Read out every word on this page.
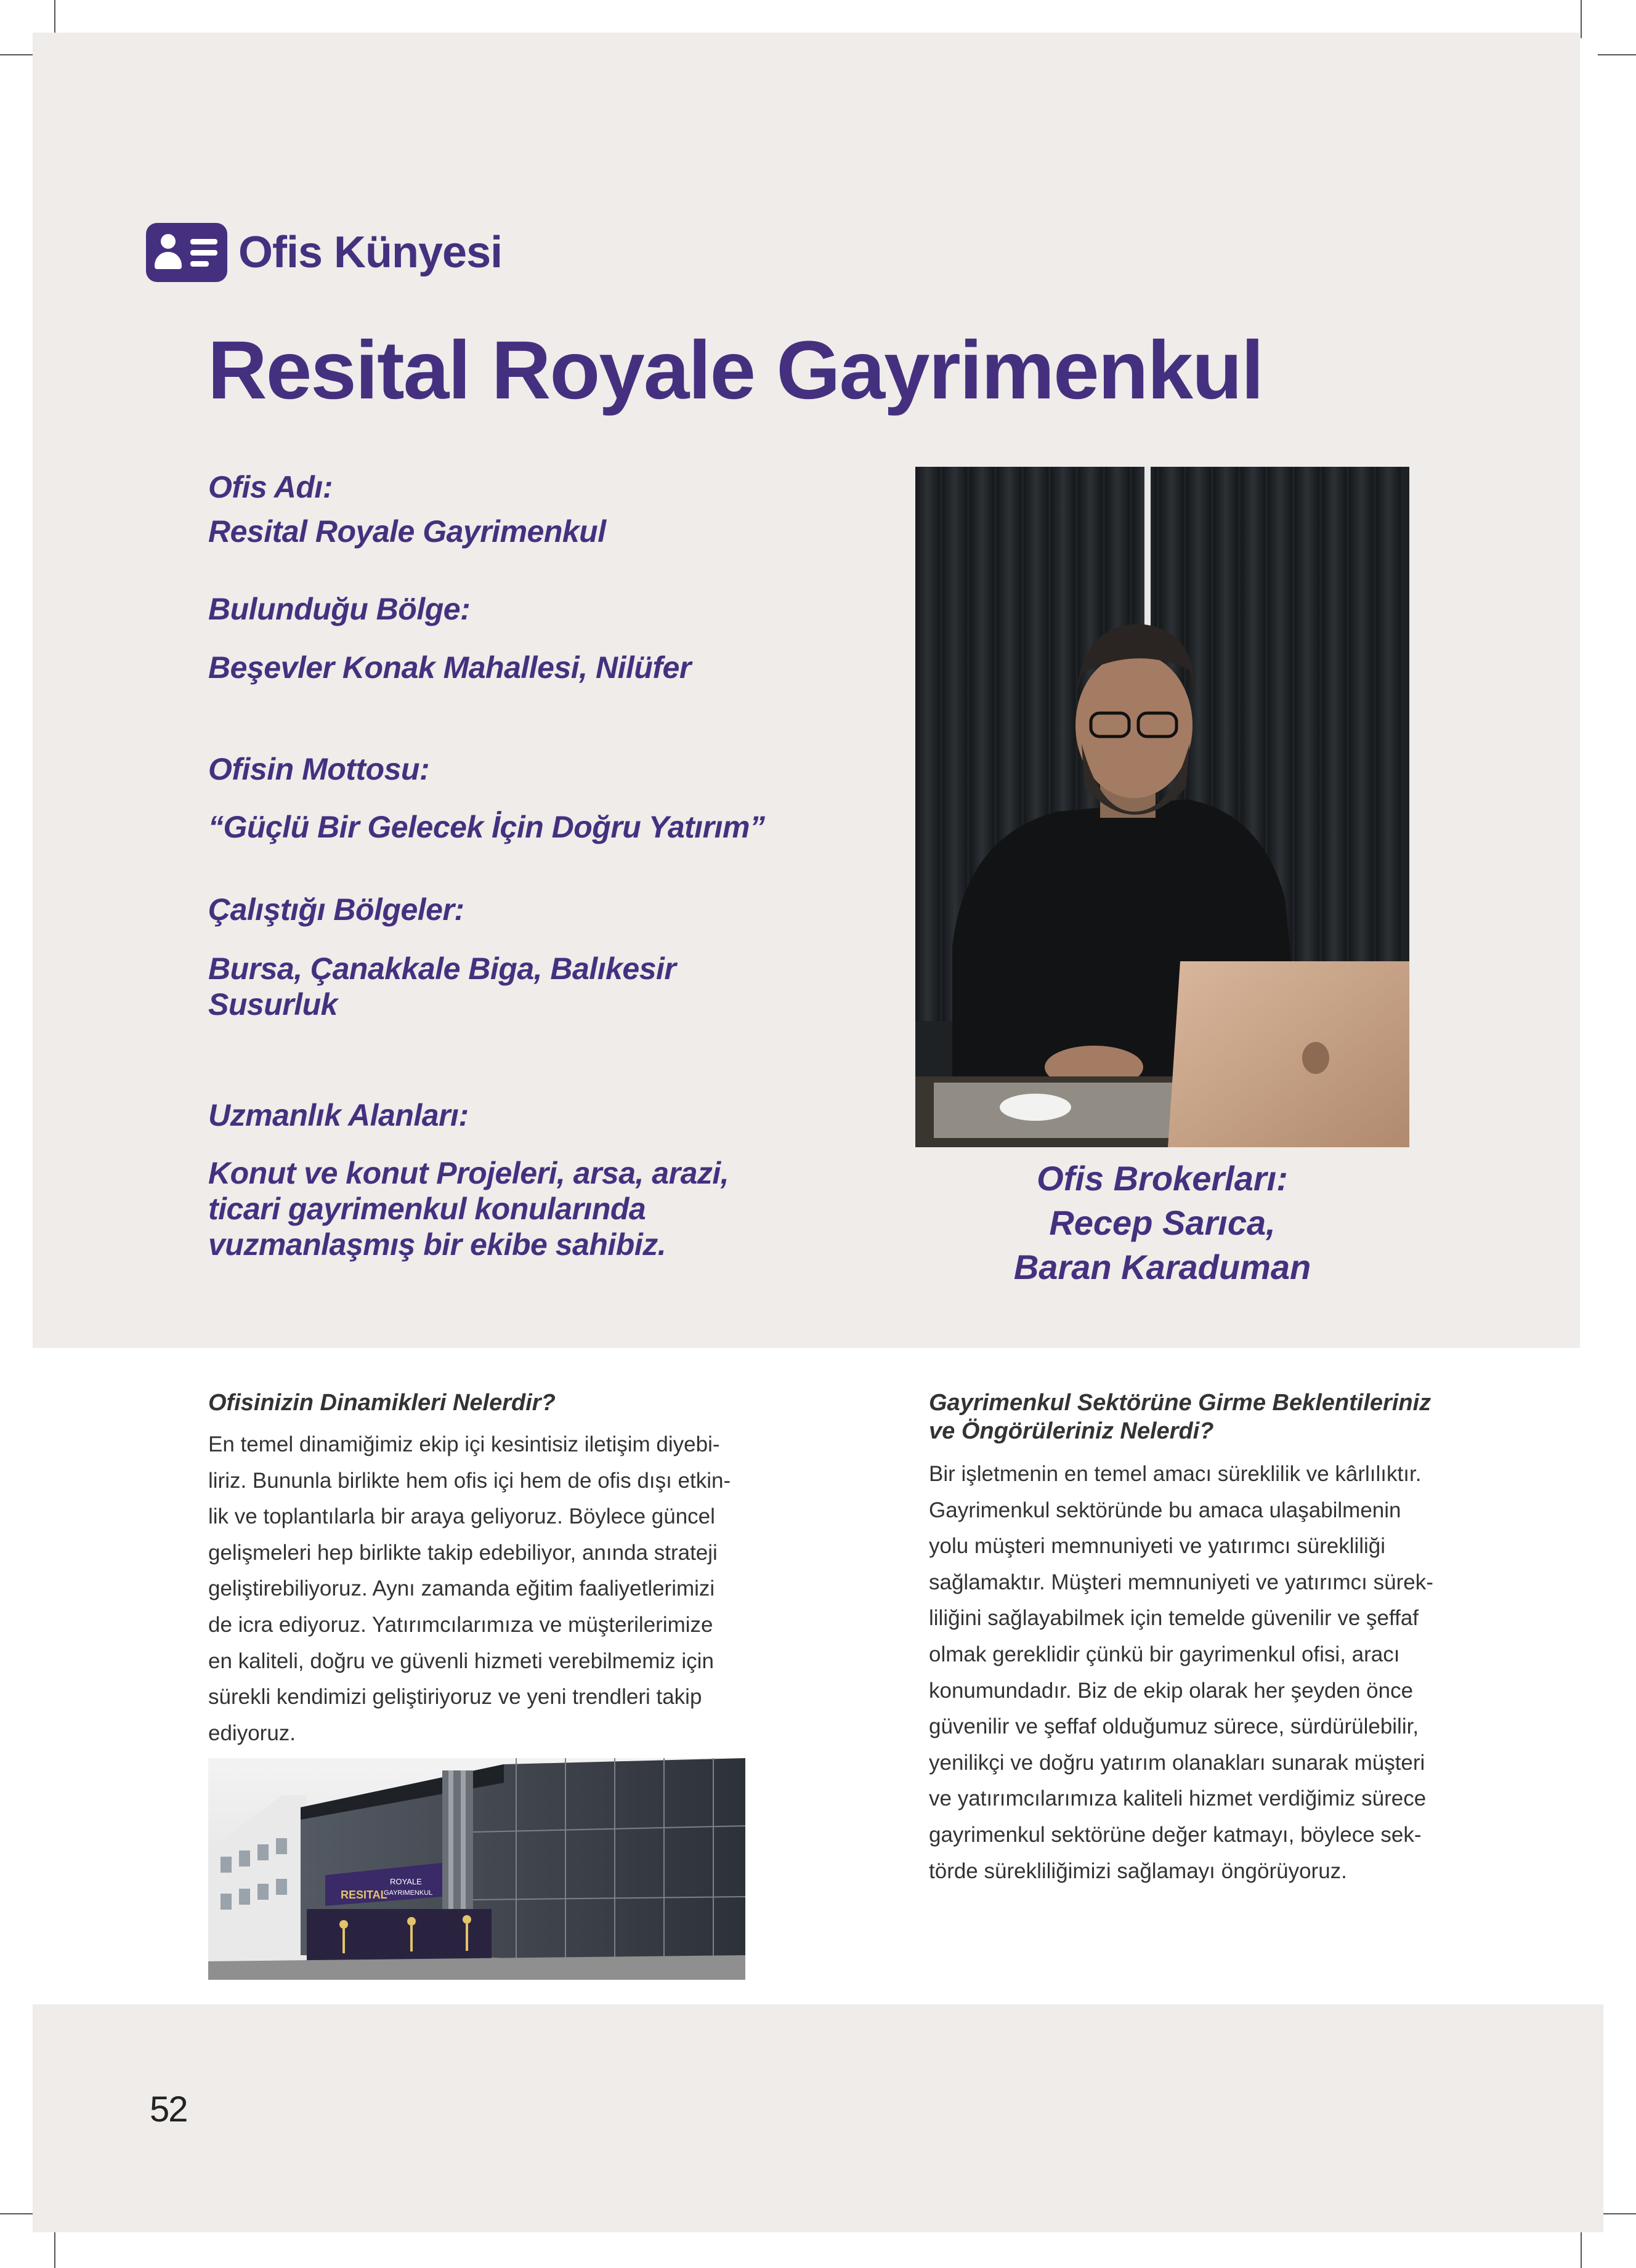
Ofis Künyesi
Resital Royale Gayrimenkul
Ofis Adı:
Resital Royale Gayrimenkul
Bulunduğu Bölge:
Beşevler Konak Mahallesi, Nilüfer
Ofisin Mottosu:
“Güçlü Bir Gelecek İçin Doğru Yatırım”
Çalıştığı Bölgeler:
Bursa, Çanakkale Biga, Balıkesir
Susurluk
Uzmanlık Alanları:
Konut ve konut Projeleri, arsa, arazi,
ticari gayrimenkul konularında
vuzmanlaşmış bir ekibe sahibiz.
Ofis Brokerları:
Recep Sarıca,
Baran Karaduman
Ofisinizin Dinamikleri Nelerdir?
En temel dinamiğimiz ekip içi kesintisiz iletişim diyebi-
liriz. Bununla birlikte hem ofis içi hem de ofis dışı etkin-
lik ve toplantılarla bir araya geliyoruz. Böylece güncel
gelişmeleri hep birlikte takip edebiliyor, anında strateji
geliştirebiliyoruz. Aynı zamanda eğitim faaliyetlerimizi
de icra ediyoruz. Yatırımcılarımıza ve müşterilerimize
en kaliteli, doğru ve güvenli hizmeti verebilmemiz için
sürekli kendimizi geliştiriyoruz ve yeni trendleri takip
ediyoruz.
RESITAL
ROYALE
GAYRIMENKUL
Gayrimenkul Sektörüne Girme Beklentileriniz
ve Öngörüleriniz Nelerdi?
Bir işletmenin en temel amacı süreklilik ve kârlılıktır.
Gayrimenkul sektöründe bu amaca ulaşabilmenin
yolu müşteri memnuniyeti ve yatırımcı sürekliliği
sağlamaktır. Müşteri memnuniyeti ve yatırımcı sürek-
liliğini sağlayabilmek için temelde güvenilir ve şeffaf
olmak gereklidir çünkü bir gayrimenkul ofisi, aracı
konumundadır. Biz de ekip olarak her şeyden önce
güvenilir ve şeffaf olduğumuz sürece, sürdürülebilir,
yenilikçi ve doğru yatırım olanakları sunarak müşteri
ve yatırımcılarımıza kaliteli hizmet verdiğimiz sürece
gayrimenkul sektörüne değer katmayı, böylece sek-
törde sürekliliğimizi sağlamayı öngörüyoruz.
52
